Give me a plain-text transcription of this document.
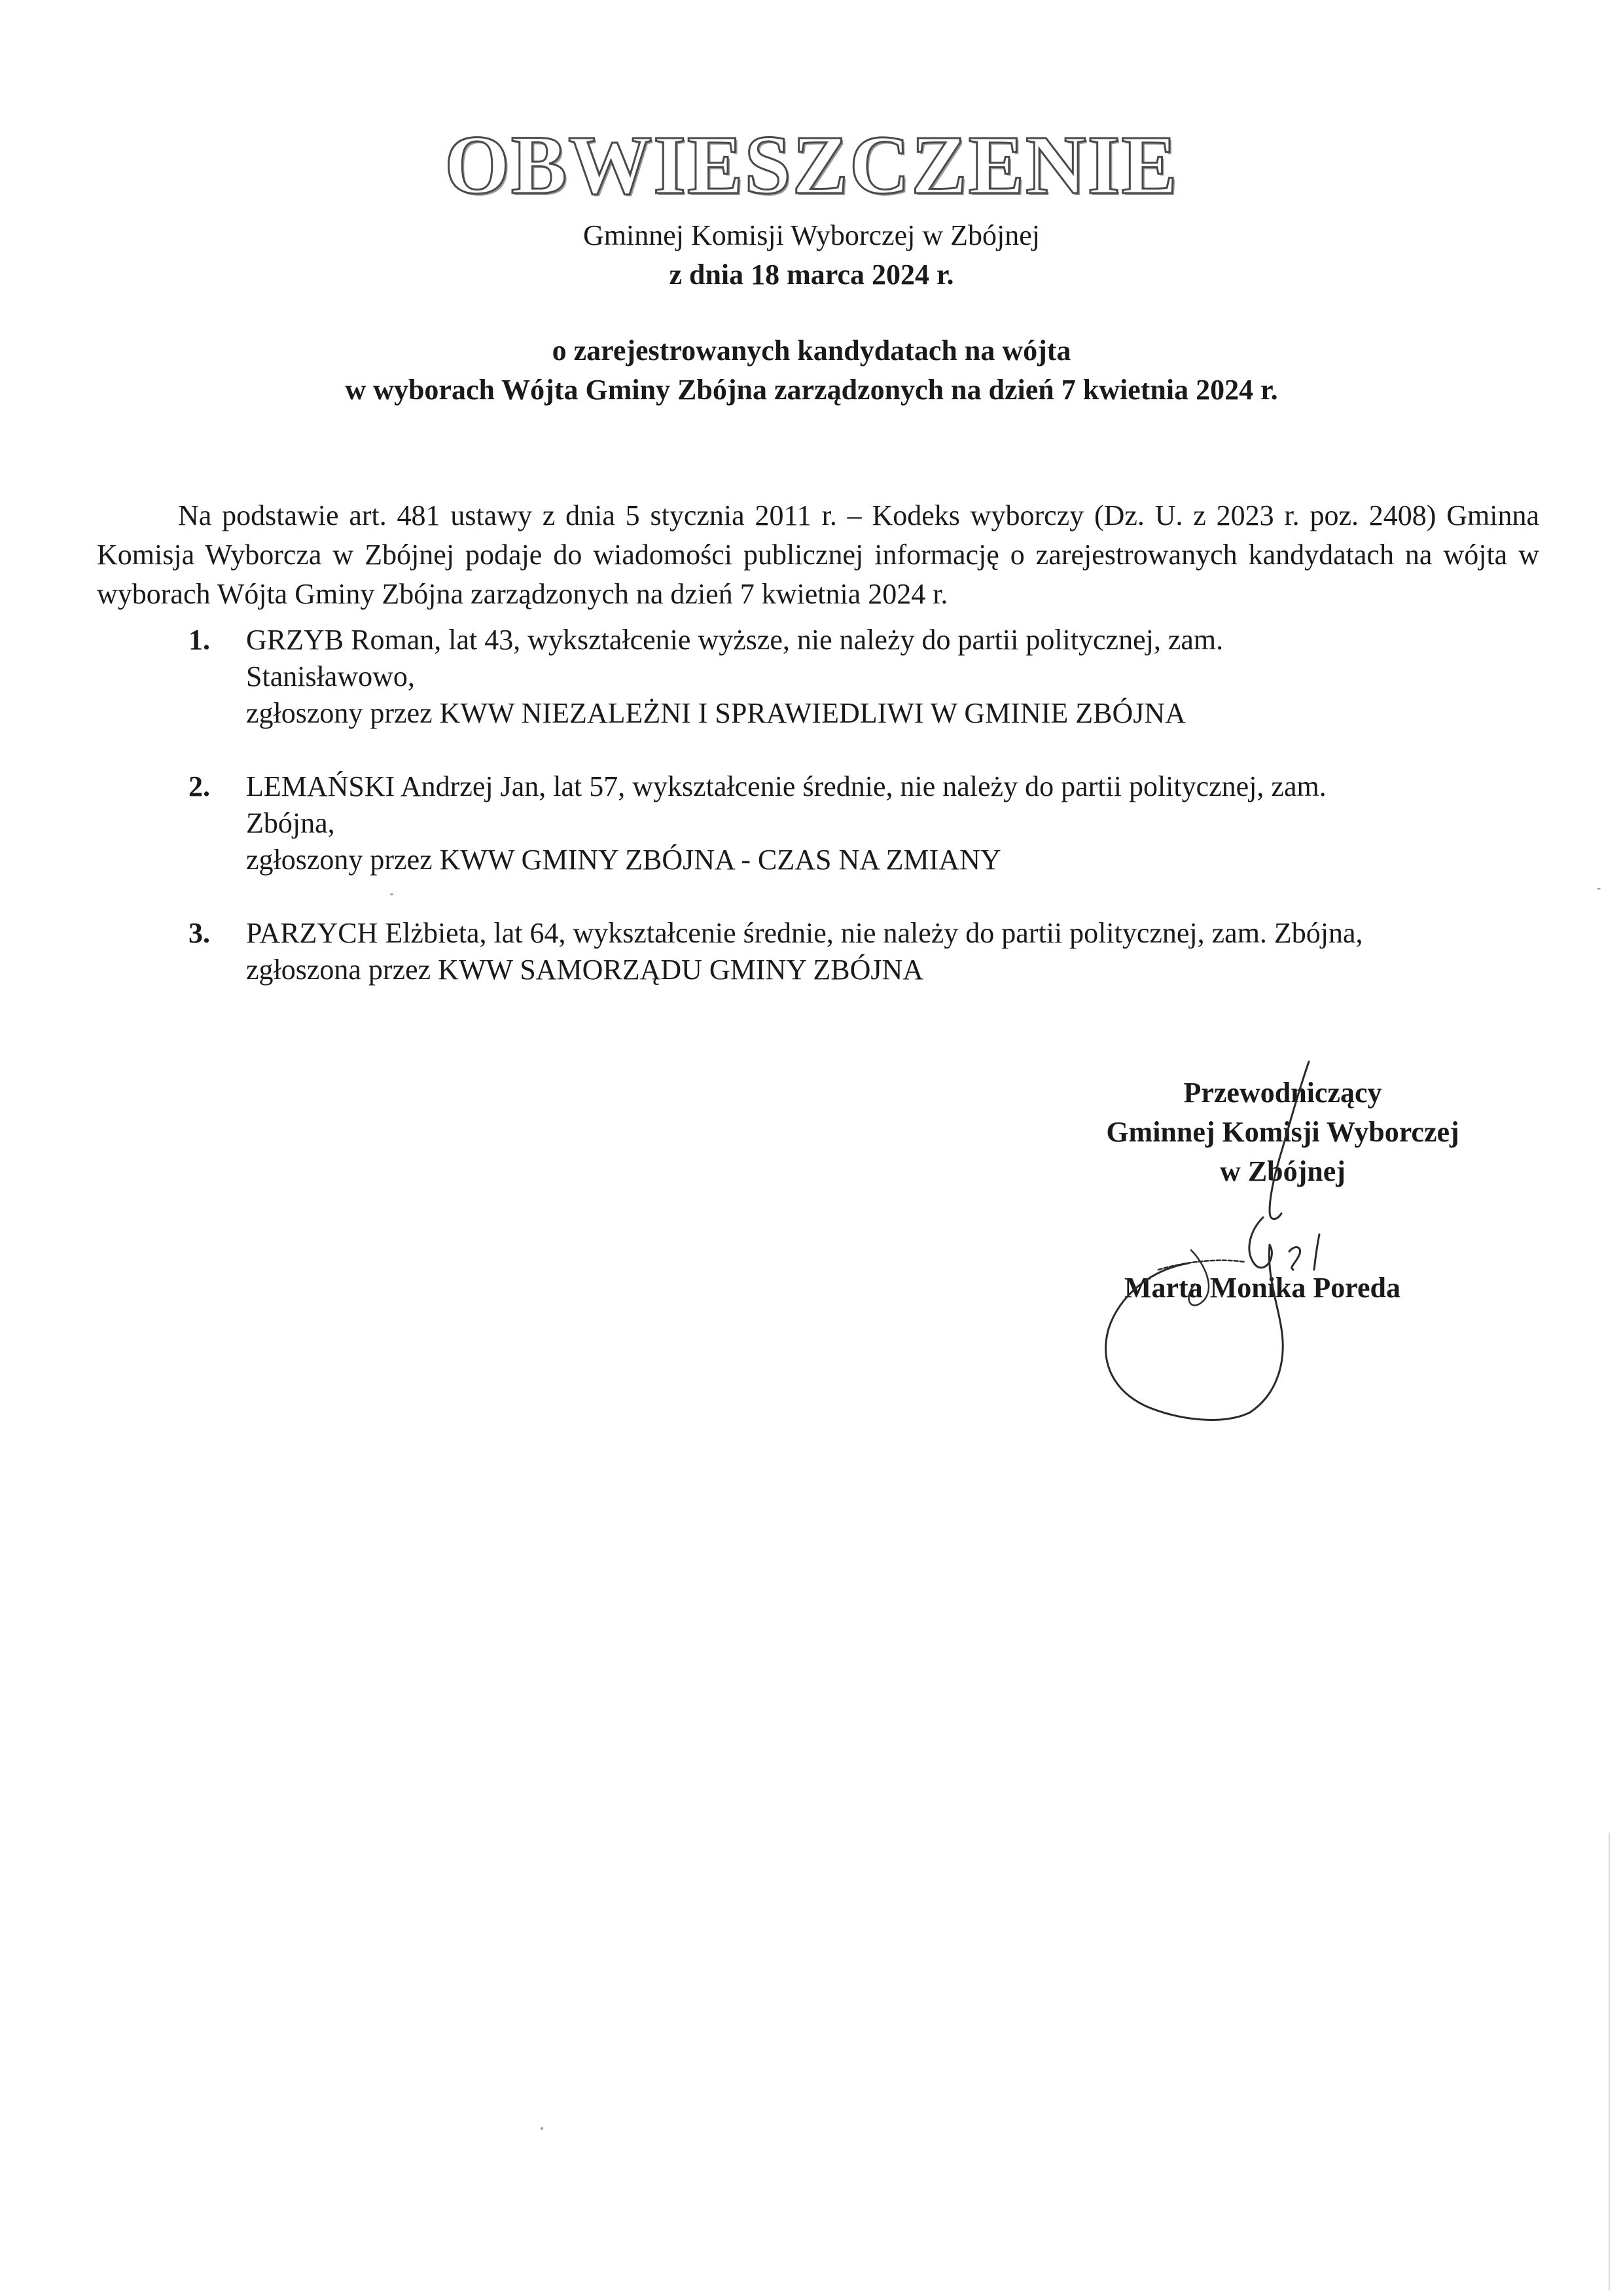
OBWIESZCZENIE
Gminnej Komisji Wyborczej w Zbójnej
z dnia 18 marca 2024 r.
o zarejestrowanych kandydatach na wójta
w wyborach Wójta Gminy Zbójna zarządzonych na dzień 7 kwietnia 2024 r.

Na podstawie art. 481 ustawy z dnia 5 stycznia 2011 r. – Kodeks wyborczy (Dz. U. z 2023 r. poz. 2408) Gminna Komisja Wyborcza w Zbójnej podaje do wiadomości publicznej informację o zarejestrowanych kandydatach na wójta w wyborach Wójta Gminy Zbójna zarządzonych na dzień 7 kwietnia 2024 r.

1. GRZYB Roman, lat 43, wykształcenie wyższe, nie należy do partii politycznej, zam.
Stanisławowo,
zgłoszony przez KWW NIEZALEŻNI I SPRAWIEDLIWI W GMINIE ZBÓJNA
2. LEMAŃSKI Andrzej Jan, lat 57, wykształcenie średnie, nie należy do partii politycznej, zam.
Zbójna,
zgłoszony przez KWW GMINY ZBÓJNA - CZAS NA ZMIANY
3. PARZYCH Elżbieta, lat 64, wykształcenie średnie, nie należy do partii politycznej, zam. Zbójna,
zgłoszona przez KWW SAMORZĄDU GMINY ZBÓJNA
Przewodniczący
Gminnej Komisji Wyborczej
w Zbójnej
Marta Monika Poreda
